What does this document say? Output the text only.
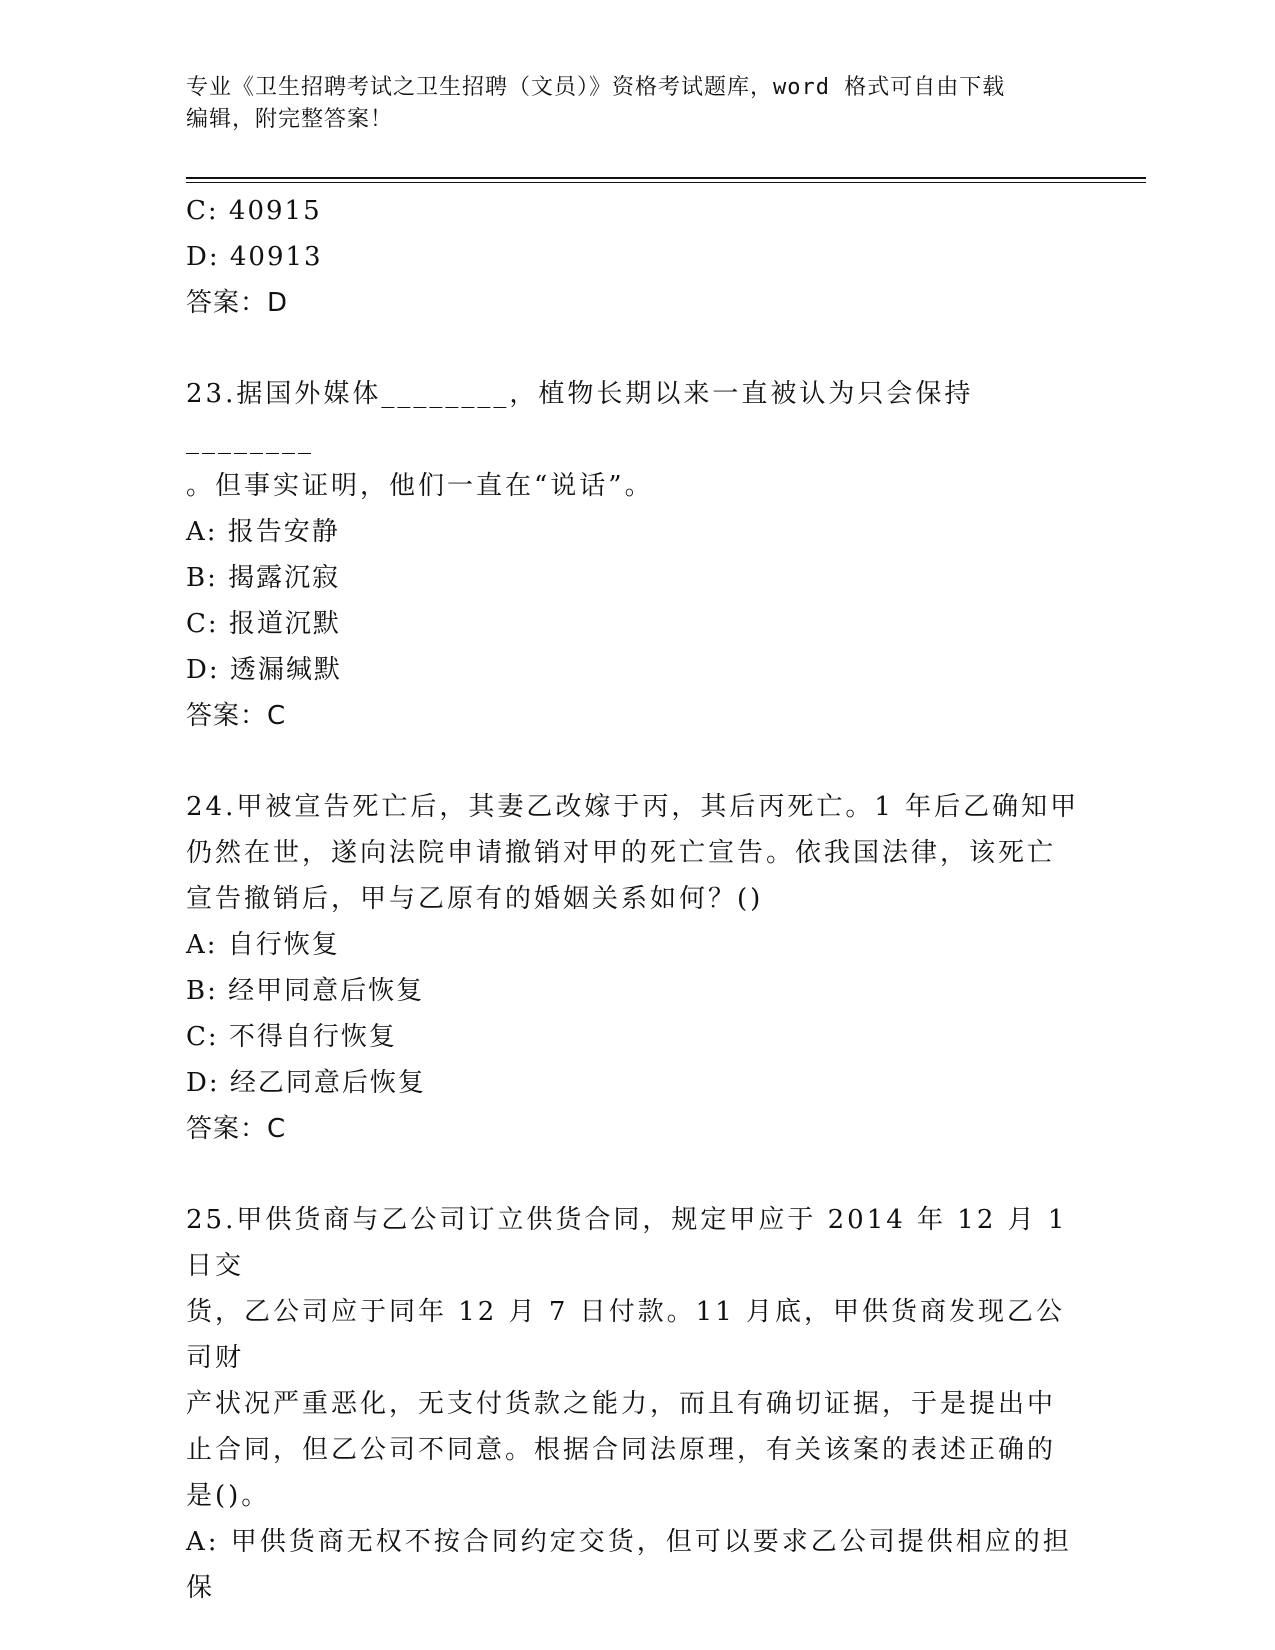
专业《卫生招聘考试之卫生招聘（文员）》资格考试题库，word 格式可自由下载
编辑，附完整答案！
C: 40915
D: 40913
答案：D
23.据国外媒体________，植物长期以来一直被认为只会保持________
。但事实证明，他们一直在“说话”。
A: 报告安静
B: 揭露沉寂
C: 报道沉默
D: 透漏缄默
答案：C
24.甲被宣告死亡后，其妻乙改嫁于丙，其后丙死亡。1 年后乙确知甲
仍然在世，遂向法院申请撤销对甲的死亡宣告。依我国法律，该死亡
宣告撤销后，甲与乙原有的婚姻关系如何？()
A: 自行恢复
B: 经甲同意后恢复
C: 不得自行恢复
D: 经乙同意后恢复
答案：C
25.甲供货商与乙公司订立供货合同，规定甲应于 2014 年 12 月 1 日交
货，乙公司应于同年 12 月 7 日付款。11 月底，甲供货商发现乙公司财
产状况严重恶化，无支付货款之能力，而且有确切证据，于是提出中
止合同，但乙公司不同意。根据合同法原理，有关该案的表述正确的
是()。
A: 甲供货商无权不按合同约定交货，但可以要求乙公司提供相应的担
保
